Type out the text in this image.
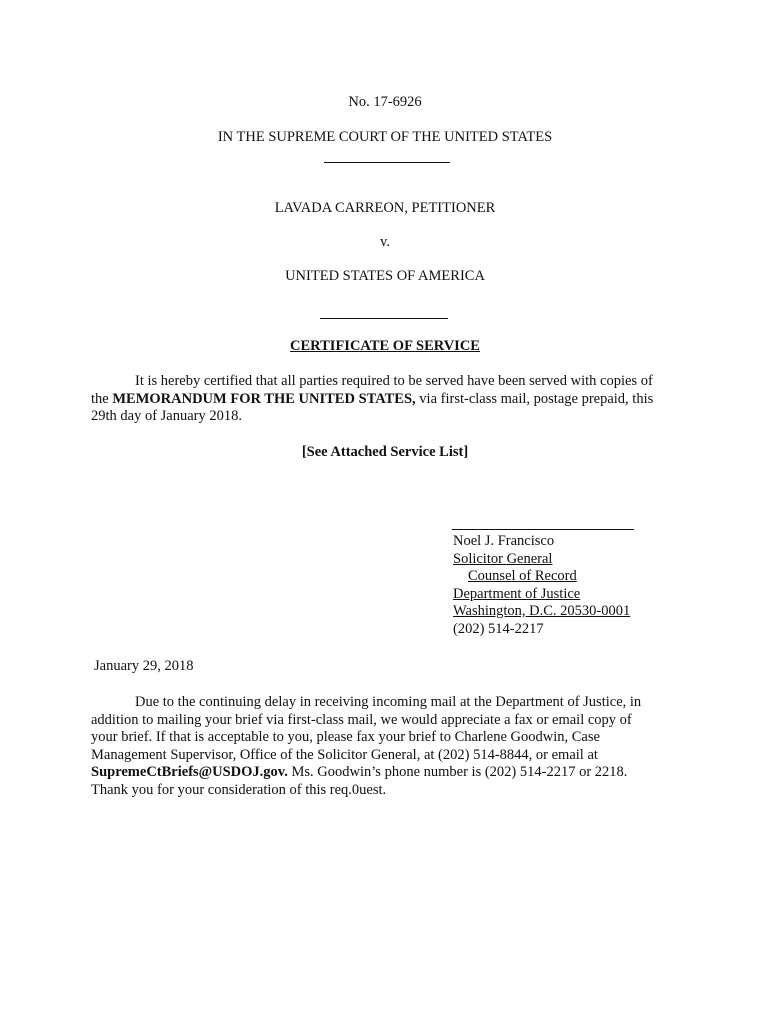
No. 17-6926
IN THE SUPREME COURT OF THE UNITED STATES
LAVADA CARREON, PETITIONER
v.
UNITED STATES OF AMERICA
CERTIFICATE OF SERVICE
It is hereby certified that all parties required to be served have been served with copies of
the MEMORANDUM FOR THE UNITED STATES, via first-class mail, postage prepaid, this
29th day of January 2018.
[See Attached Service List]
Noel J. Francisco
Solicitor General
Counsel of Record
Department of Justice
Washington, D.C. 20530-0001
(202) 514-2217
January 29, 2018
Due to the continuing delay in receiving incoming mail at the Department of Justice, in
addition to mailing your brief via first-class mail, we would appreciate a fax or email copy of
your brief. If that is acceptable to you, please fax your brief to Charlene Goodwin, Case
Management Supervisor, Office of the Solicitor General, at (202) 514-8844, or email at
SupremeCtBriefs@USDOJ.gov. Ms. Goodwin’s phone number is (202) 514-2217 or 2218.
Thank you for your consideration of this req.0uest.
